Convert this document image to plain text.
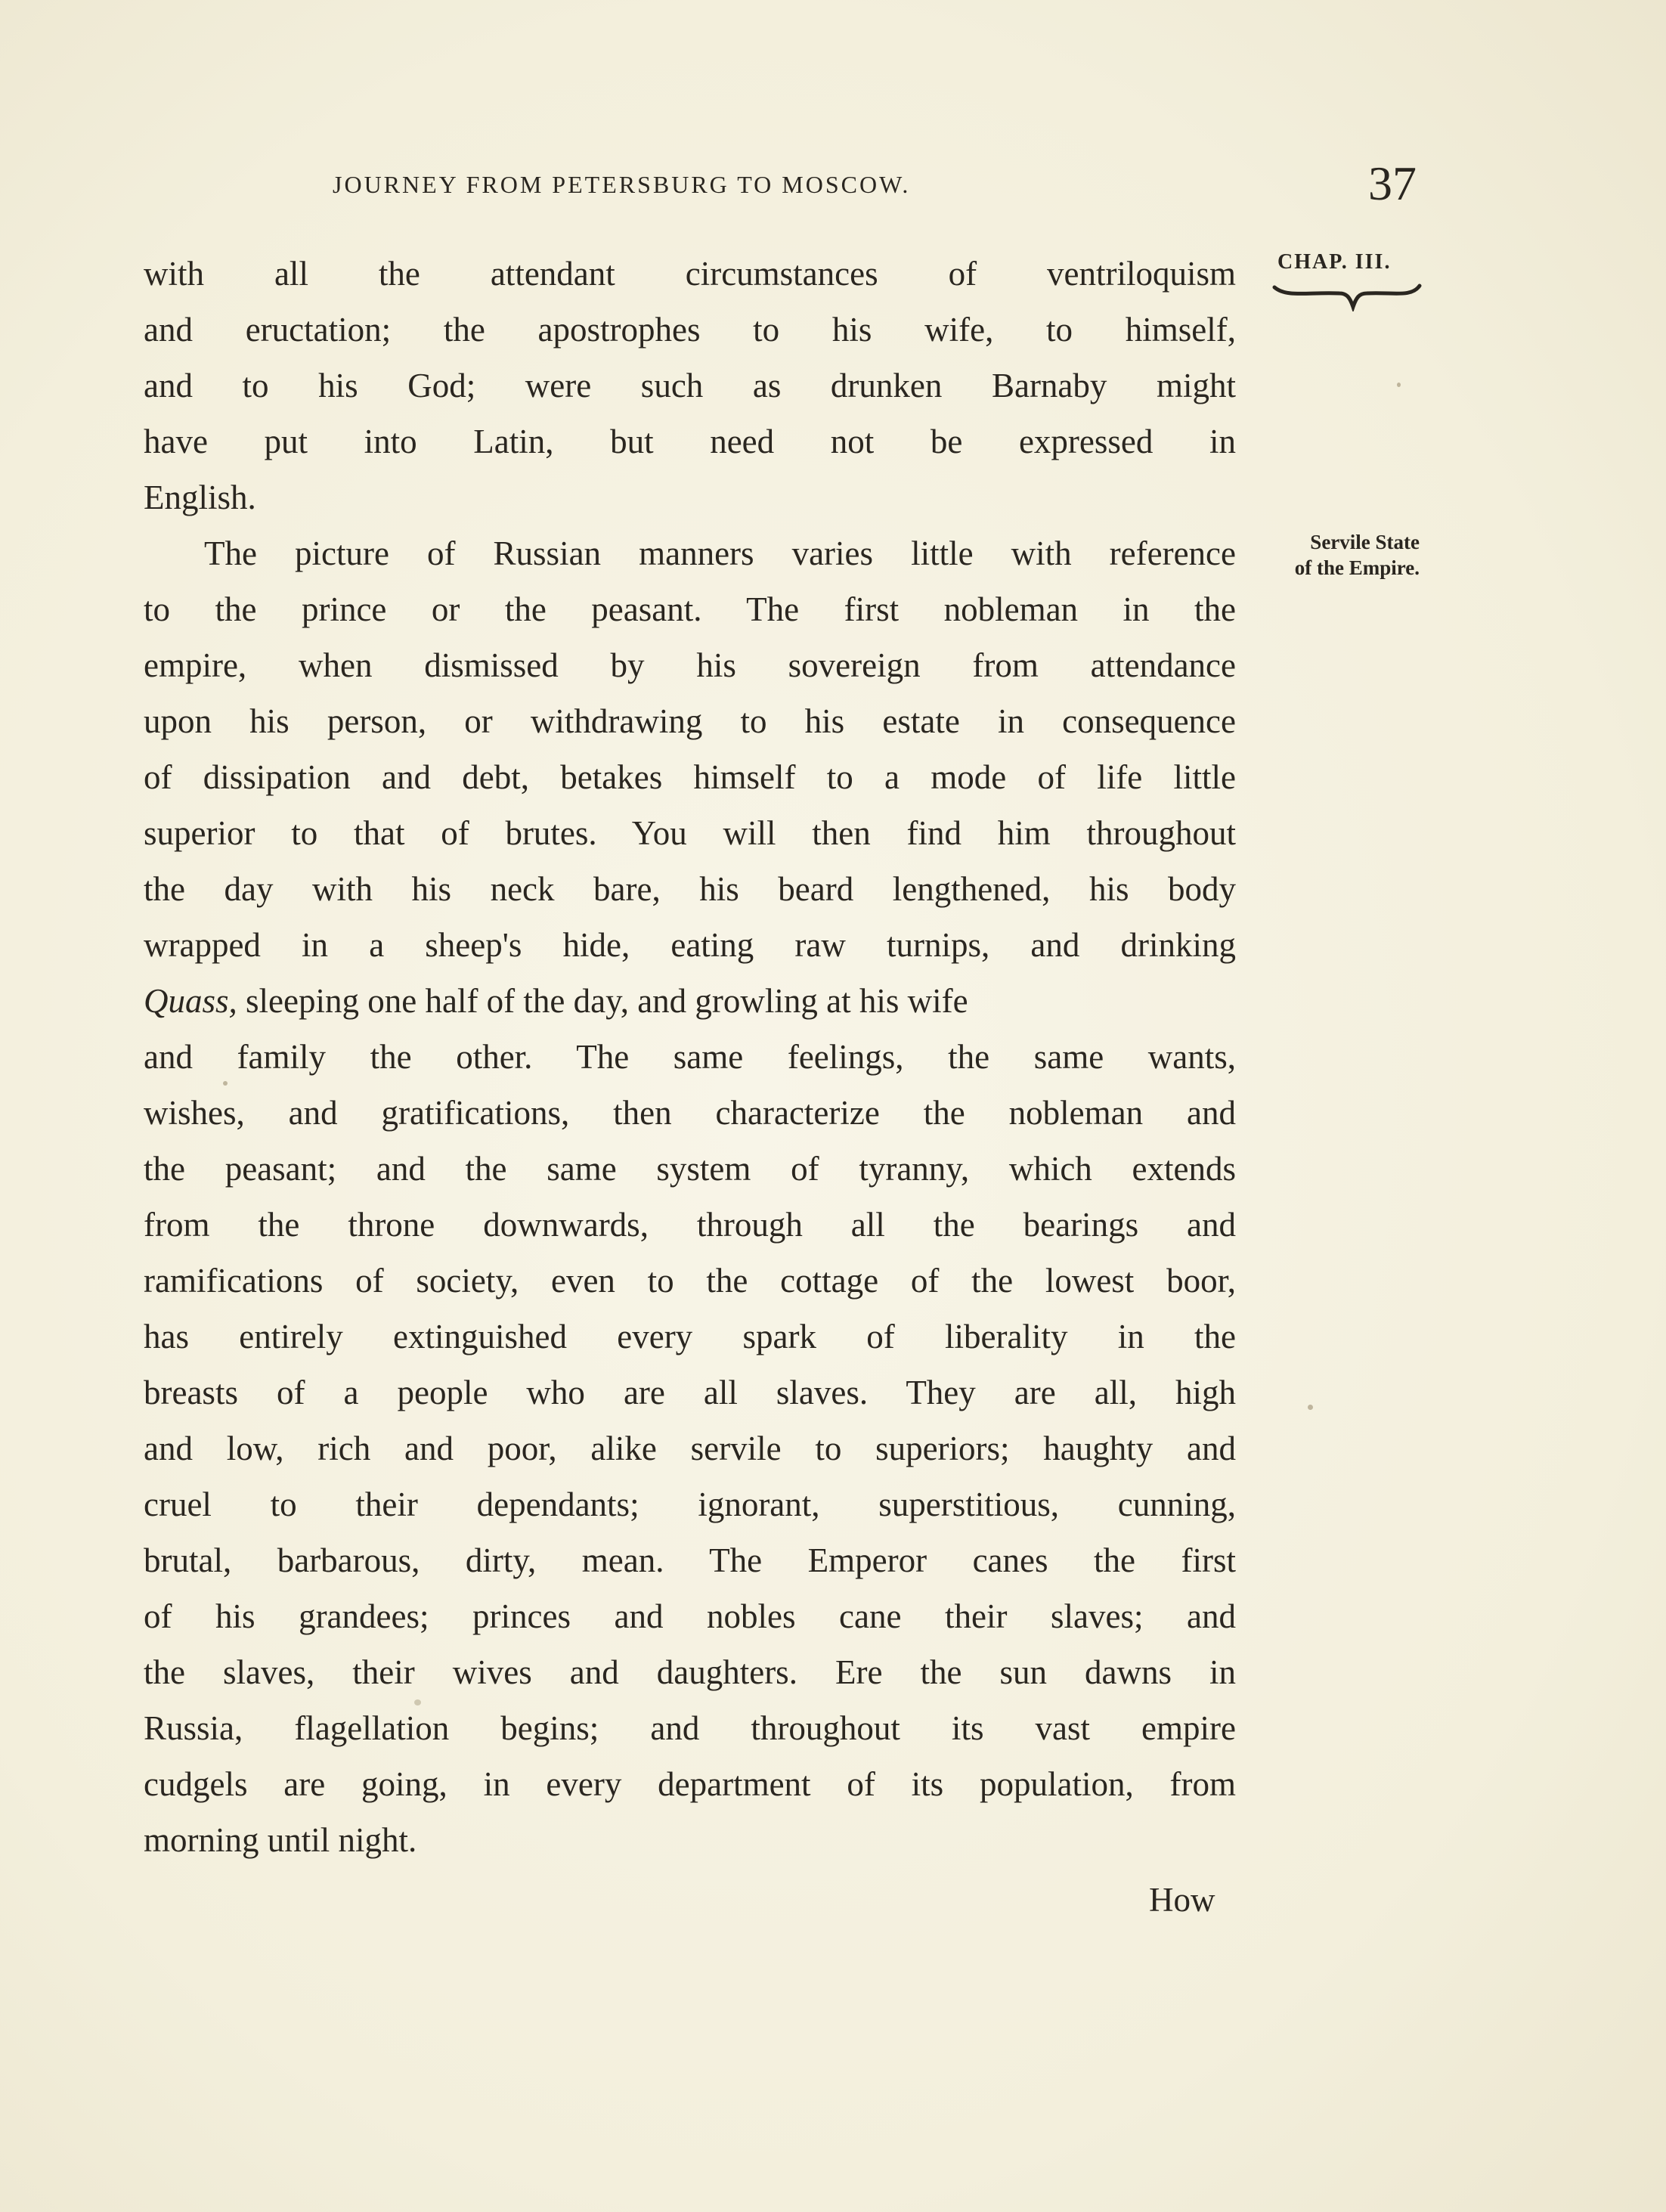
JOURNEY FROM PETERSBURG TO MOSCOW.	37
CHAP. III.
Servile State
of the Empire.
with all the attendant circumstances of ventriloquism
and eructation; the apostrophes to his wife, to himself,
and to his God; were such as drunken Barnaby might
have put into Latin, but need not be expressed in
English.
The picture of Russian manners varies little with reference
to the prince or the peasant. The first nobleman in the
empire, when dismissed by his sovereign from attendance
upon his person, or withdrawing to his estate in consequence
of dissipation and debt, betakes himself to a mode of life little
superior to that of brutes. You will then find him throughout
the day with his neck bare, his beard lengthened, his body
wrapped in a sheep's hide, eating raw turnips, and drinking
Quass, sleeping one half of the day, and growling at his wife
and family the other. The same feelings, the same wants,
wishes, and gratifications, then characterize the nobleman and
the peasant; and the same system of tyranny, which extends
from the throne downwards, through all the bearings and
ramifications of society, even to the cottage of the lowest boor,
has entirely extinguished every spark of liberality in the
breasts of a people who are all slaves. They are all, high
and low, rich and poor, alike servile to superiors; haughty and
cruel to their dependants; ignorant, superstitious, cunning,
brutal, barbarous, dirty, mean. The Emperor canes the first
of his grandees; princes and nobles cane their slaves; and
the slaves, their wives and daughters. Ere the sun dawns in
Russia, flagellation begins; and throughout its vast empire
cudgels are going, in every department of its population, from
morning until night.
How
